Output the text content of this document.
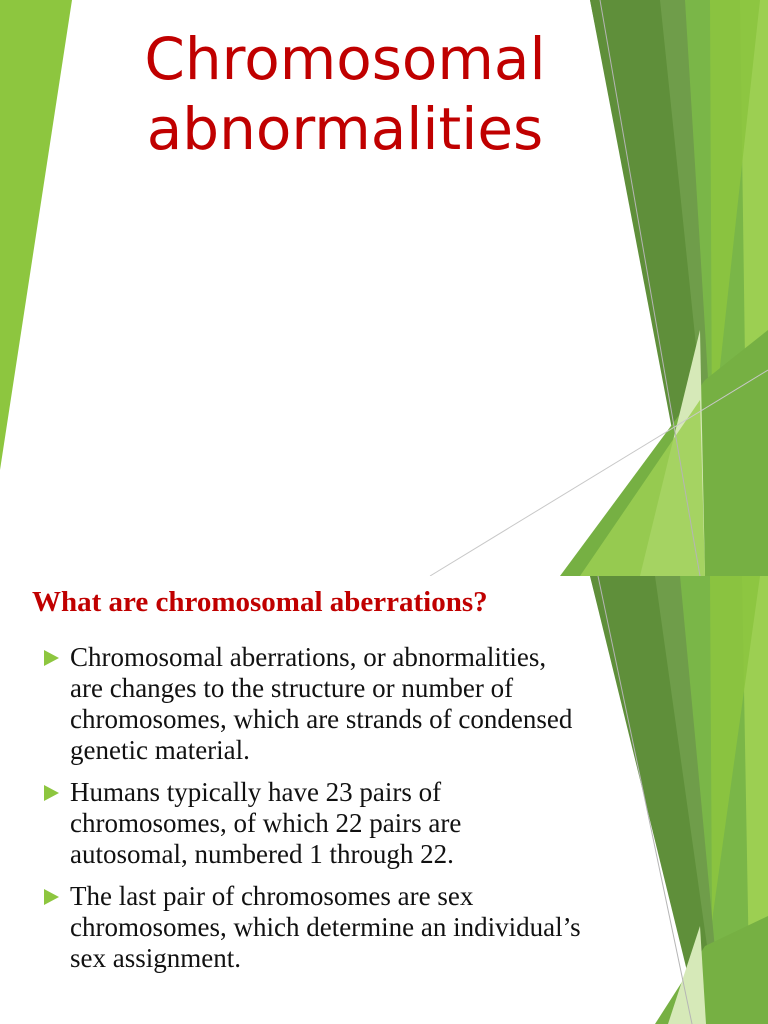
Chromosomal abnormalities
What are chromosomal aberrations?
Chromosomal aberrations, or abnormalities, are changes to the structure or number of chromosomes, which are strands of condensed genetic material.
Humans typically have 23 pairs of chromosomes, of which 22 pairs are autosomal, numbered 1 through 22.
The last pair of chromosomes are sex chromosomes, which determine an individual’s sex assignment.
